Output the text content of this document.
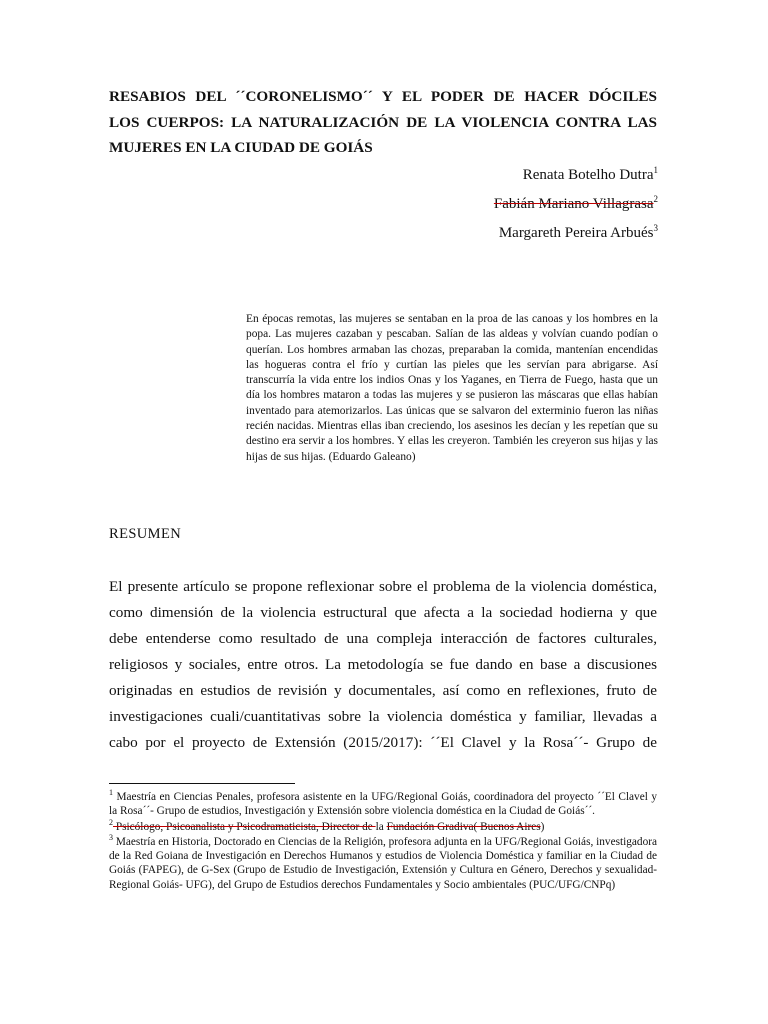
RESABIOS DEL ´´CORONELISMO´´ Y EL PODER DE HACER DÓCILES
LOS CUERPOS: LA NATURALIZACIÓN DE LA VIOLENCIA CONTRA LAS
MUJERES EN LA CIUDAD DE GOIÁS
Renata Botelho Dutra$^1$
Fabián Mariano Villagrasa$^2$
Margareth Pereira Arbués$^3$

En épocas remotas, las mujeres se sentaban en la proa de las canoas y los hombres en la popa. Las mujeres cazaban y pescaban. Salían de las aldeas y volvían cuando podían o querían. Los hombres armaban las chozas, preparaban la comida, mantenían encendidas las hogueras contra el frío y curtían las pieles que les servían para abrigarse. Así transcurría la vida entre los indios Onas y los Yaganes, en Tierra de Fuego, hasta que un día los hombres mataron a todas las mujeres y se pusieron las máscaras que ellas habían inventado para atemorizarlos. Las únicas que se salvaron del exterminio fueron las niñas recién nacidas. Mientras ellas iban creciendo, los asesinos les decían y les repetían que su destino era servir a los hombres. Y ellas les creyeron. También les creyeron sus hijas y las hijas de sus hijas. (Eduardo Galeano)

RESUMEN

El presente artículo se propone reflexionar sobre el problema de la violencia doméstica,
como dimensión de la violencia estructural que afecta a la sociedad hodierna y que
debe entenderse como resultado de una compleja interacción de factores culturales,
religiosos y sociales, entre otros. La metodología se fue dando en base a discusiones
originadas en estudios de revisión y documentales, así como en reflexiones, fruto de
investigaciones cuali/cuantitativas sobre la violencia doméstica y familiar, llevadas a
cabo por el proyecto de Extensión (2015/2017): ´´El Clavel y la Rosa´´- Grupo de

$^1$ Maestría en Ciencias Penales, profesora asistente en la UFG/Regional Goiás, coordinadora del proyecto ´´El Clavel y la Rosa´´- Grupo de estudios, Investigación y Extensión sobre violencia doméstica en la Ciudad de Goiás´´.

$^2$ Psicólogo, Psicoanalista y Psicodramaticista, Director de la Fundación Gradiva( Buenos Aires)

$^3$ Maestría en Historia, Doctorado en Ciencias de la Religión, profesora adjunta en la UFG/Regional Goiás, investigadora de la Red Goiana de Investigación en Derechos Humanos y estudios de Violencia Doméstica y familiar en la Ciudad de Goiás (FAPEG), de G-Sex (Grupo de Estudio de Investigación, Extensión y Cultura en Género, Derechos y sexualidad- Regional Goiás- UFG), del Grupo de Estudios derechos Fundamentales y Socio ambientales (PUC/UFG/CNPq)
